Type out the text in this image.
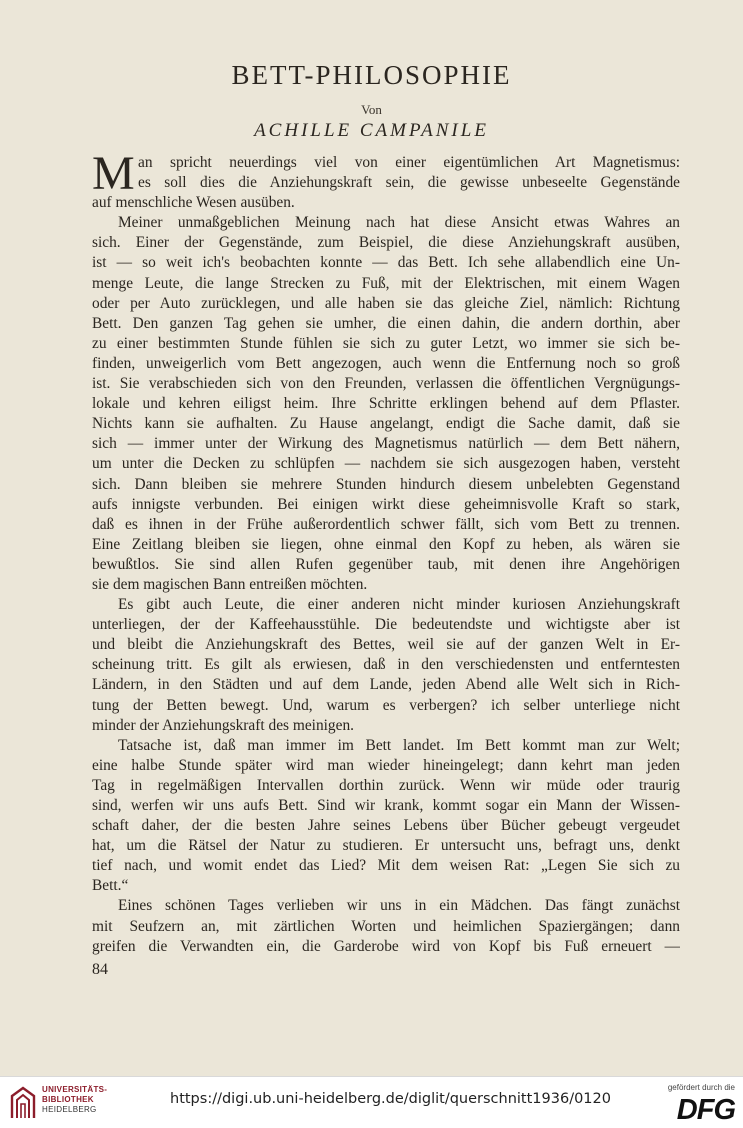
BETT-PHILOSOPHIE
Von
ACHILLE CAMPANILE
M an spricht neuerdings viel von einer eigentümlichen Art Magnetismus:
es soll dies die Anziehungskraft sein, die gewisse unbeseelte Gegenstände
auf menschliche Wesen ausüben.
Meiner unmaßgeblichen Meinung nach hat diese Ansicht etwas Wahres an
sich. Einer der Gegenstände, zum Beispiel, die diese Anziehungskraft ausüben,
ist — so weit ich's beobachten konnte — das Bett. Ich sehe allabendlich eine Un-
menge Leute, die lange Strecken zu Fuß, mit der Elektrischen, mit einem Wagen
oder per Auto zurücklegen, und alle haben sie das gleiche Ziel, nämlich: Richtung
Bett. Den ganzen Tag gehen sie umher, die einen dahin, die andern dorthin, aber
zu einer bestimmten Stunde fühlen sie sich zu guter Letzt, wo immer sie sich be-
finden, unweigerlich vom Bett angezogen, auch wenn die Entfernung noch so groß
ist. Sie verabschieden sich von den Freunden, verlassen die öffentlichen Vergnügungs-
lokale und kehren eiligst heim. Ihre Schritte erklingen behend auf dem Pflaster.
Nichts kann sie aufhalten. Zu Hause angelangt, endigt die Sache damit, daß sie
sich — immer unter der Wirkung des Magnetismus natürlich — dem Bett nähern,
um unter die Decken zu schlüpfen — nachdem sie sich ausgezogen haben, versteht
sich. Dann bleiben sie mehrere Stunden hindurch diesem unbelebten Gegenstand
aufs innigste verbunden. Bei einigen wirkt diese geheimnisvolle Kraft so stark,
daß es ihnen in der Frühe außerordentlich schwer fällt, sich vom Bett zu trennen.
Eine Zeitlang bleiben sie liegen, ohne einmal den Kopf zu heben, als wären sie
bewußtlos. Sie sind allen Rufen gegenüber taub, mit denen ihre Angehörigen
sie dem magischen Bann entreißen möchten.
Es gibt auch Leute, die einer anderen nicht minder kuriosen Anziehungskraft
unterliegen, der der Kaffeehausstühle. Die bedeutendste und wichtigste aber ist
und bleibt die Anziehungskraft des Bettes, weil sie auf der ganzen Welt in Er-
scheinung tritt. Es gilt als erwiesen, daß in den verschiedensten und entferntesten
Ländern, in den Städten und auf dem Lande, jeden Abend alle Welt sich in Rich-
tung der Betten bewegt. Und, warum es verbergen? ich selber unterliege nicht
minder der Anziehungskraft des meinigen.
Tatsache ist, daß man immer im Bett landet. Im Bett kommt man zur Welt;
eine halbe Stunde später wird man wieder hineingelegt; dann kehrt man jeden
Tag in regelmäßigen Intervallen dorthin zurück. Wenn wir müde oder traurig
sind, werfen wir uns aufs Bett. Sind wir krank, kommt sogar ein Mann der Wissen-
schaft daher, der die besten Jahre seines Lebens über Bücher gebeugt vergeudet
hat, um die Rätsel der Natur zu studieren. Er untersucht uns, befragt uns, denkt
tief nach, und womit endet das Lied? Mit dem weisen Rat: „Legen Sie sich zu
Bett.“
Eines schönen Tages verlieben wir uns in ein Mädchen. Das fängt zunächst
mit Seufzern an, mit zärtlichen Worten und heimlichen Spaziergängen; dann
greifen die Verwandten ein, die Garderobe wird von Kopf bis Fuß erneuert —
84
UNIVERSITÄTS-
BIBLIOTHEK
HEIDELBERG
https://digi.ub.uni-heidelberg.de/diglit/querschnitt1936/0120
gefördert durch die
DFG
